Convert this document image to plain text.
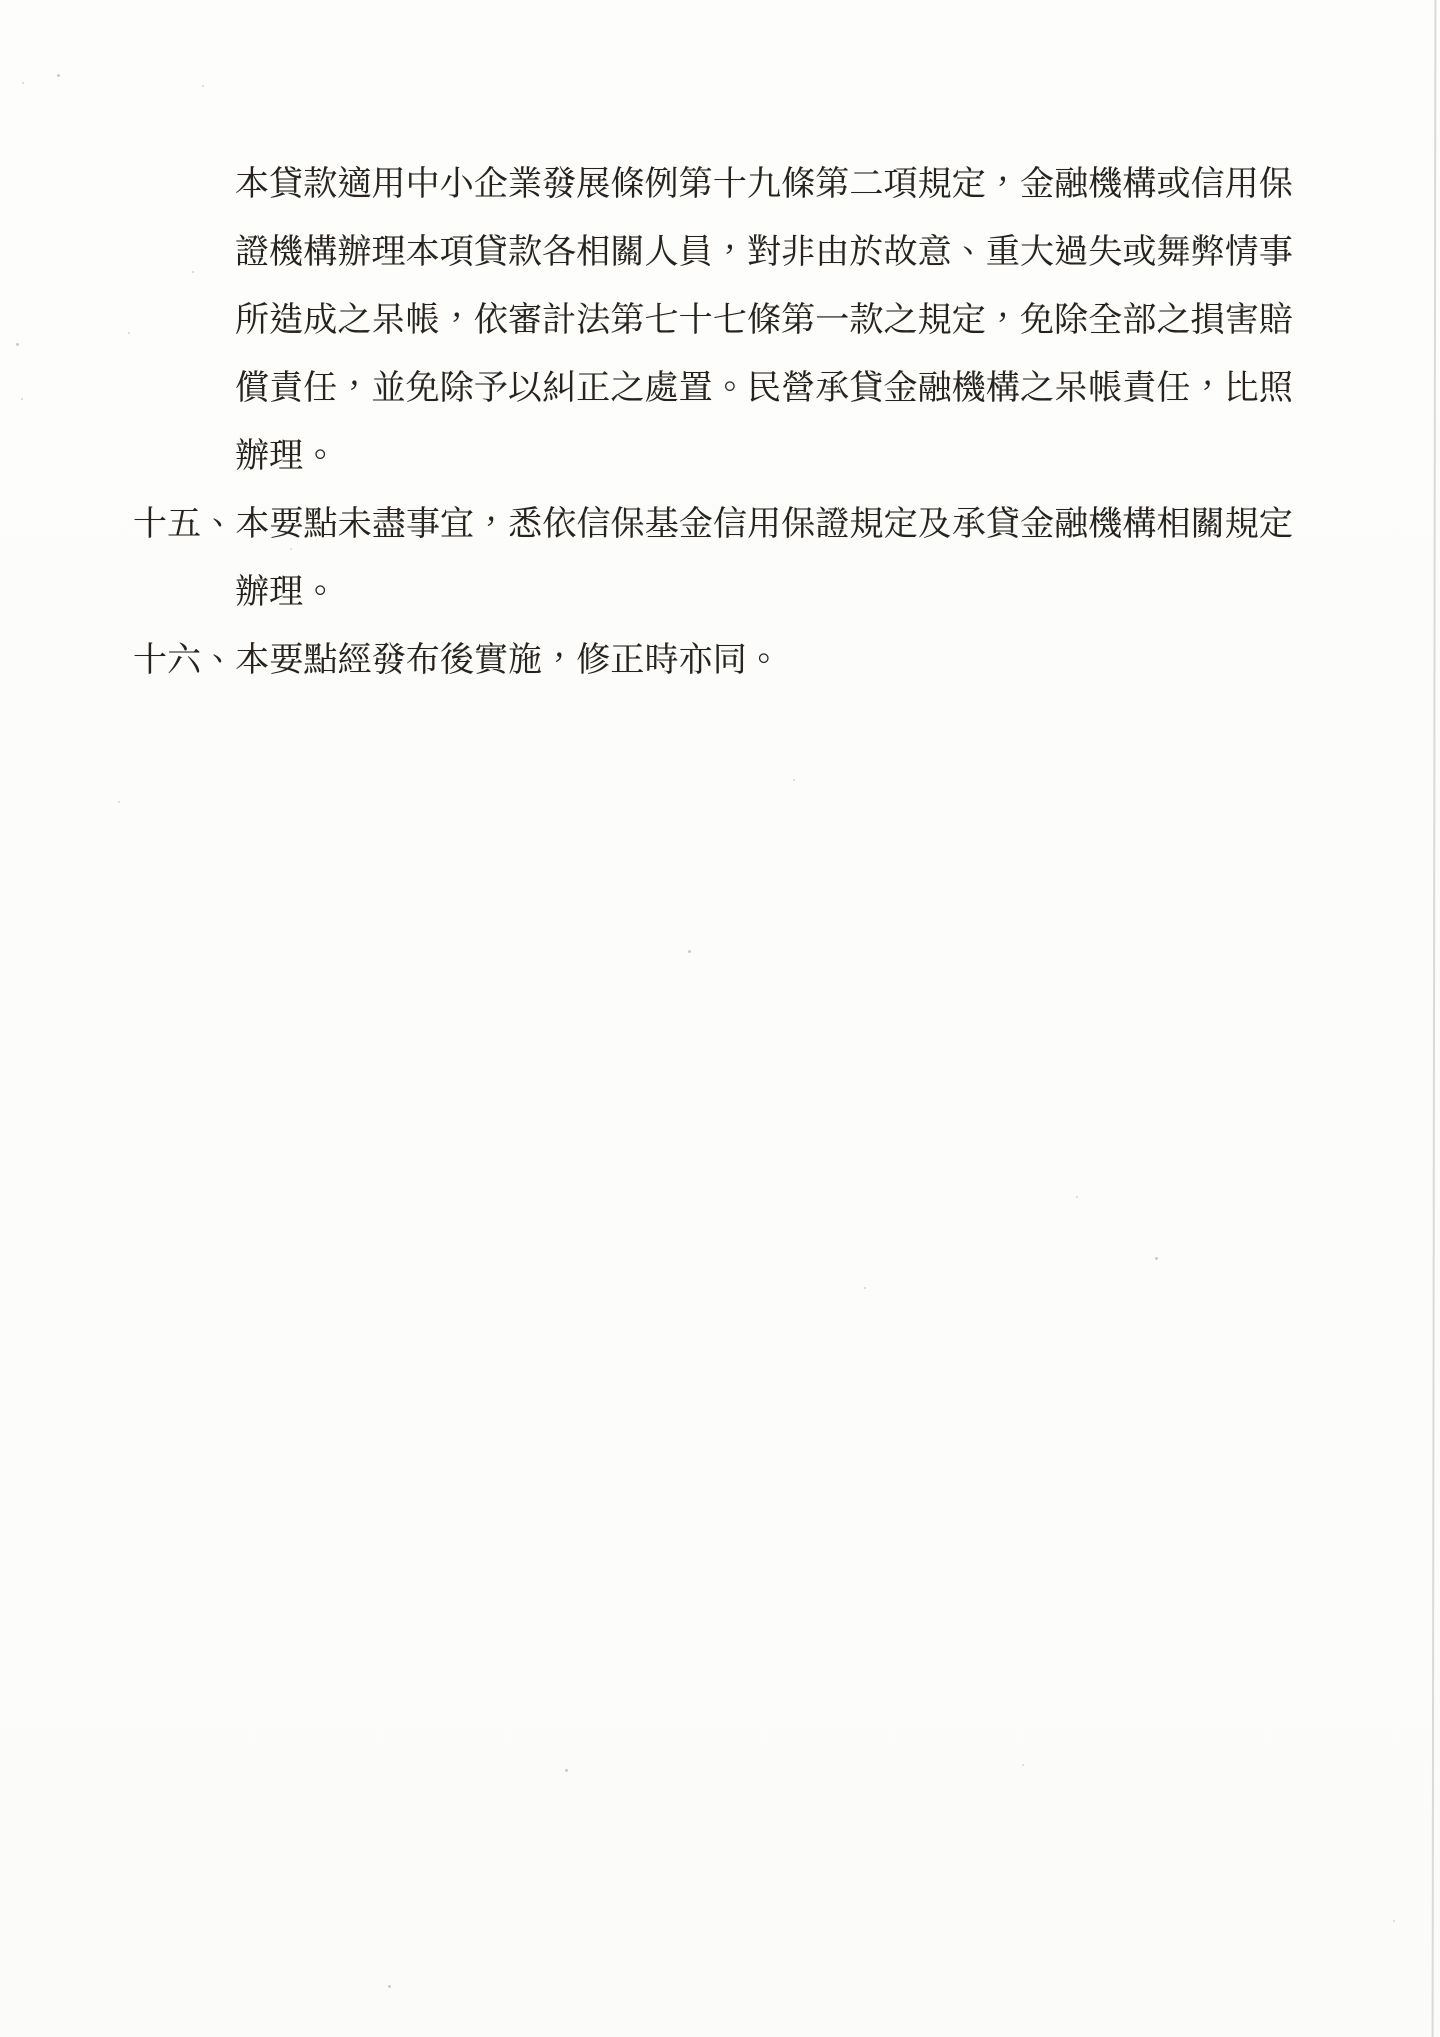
本貸款適用中小企業發展條例第十九條第二項規定，金融機構或信用保
證機構辦理本項貸款各相關人員，對非由於故意、重大過失或舞弊情事
所造成之呆帳，依審計法第七十七條第一款之規定，免除全部之損害賠
償責任，並免除予以糾正之處置。民營承貸金融機構之呆帳責任，比照
辦理。
十五、本要點未盡事宜，悉依信保基金信用保證規定及承貸金融機構相關規定
辦理。
十六、本要點經發布後實施，修正時亦同。
